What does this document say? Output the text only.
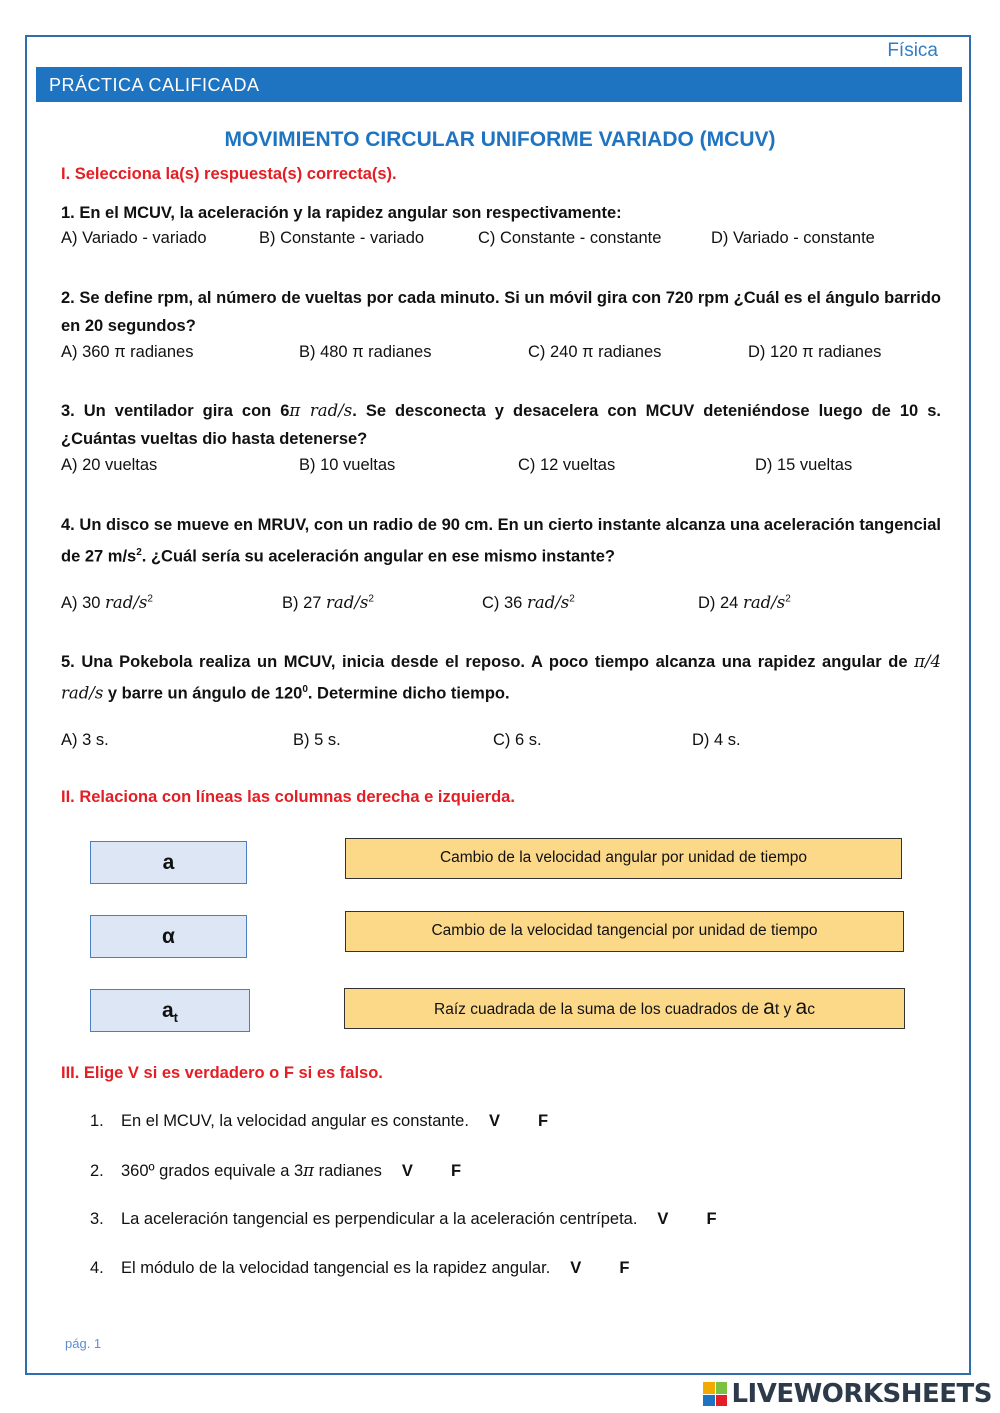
Física
PRÁCTICA CALIFICADA
MOVIMIENTO CIRCULAR UNIFORME VARIADO (MCUV)
I. Selecciona la(s) respuesta(s) correcta(s).
1. En el MCUV, la aceleración y la rapidez angular son respectivamente:
A) Variado - variado	B) Constante - variado	C) Constante - constante	D) Variado - constante
2. Se define rpm, al número de vueltas por cada minuto. Si un móvil gira con 720 rpm ¿Cuál es el ángulo barrido en 20 segundos?
A) 360 π radianes	B) 480 π radianes	C) 240 π radianes	D) 120 π radianes
3. Un ventilador gira con 6π rad/s. Se desconecta y desacelera con MCUV deteniéndose luego de 10 s. ¿Cuántas vueltas dio hasta detenerse?
A) 20 vueltas	B) 10 vueltas	C) 12 vueltas	D) 15 vueltas
4. Un disco se mueve en MRUV, con un radio de 90 cm. En un cierto instante alcanza una aceleración tangencial de 27 $m/s^2$. ¿Cuál sería su aceleración angular en ese mismo instante?
A) 30 rad/$s^2$	B) 27 rad/$s^2$	C) 36 rad/$s^2$	D) 24 rad/$s^2$
5. Una Pokebola realiza un MCUV, inicia desde el reposo. A poco tiempo alcanza una rapidez angular de π/4 rad/s y barre un ángulo de $120^0$. Determine dicho tiempo.
A) 3 s.	B) 5 s.	C) 6 s.	D) 4 s.
II. Relaciona con líneas las columnas derecha e izquierda.
a
α
$a_t$
Cambio de la velocidad angular por unidad de tiempo
Cambio de la velocidad tangencial por unidad de tiempo
Raíz cuadrada de la suma de los cuadrados de at y ac
III. Elige V si es verdadero o F si es falso.
1. En el MCUV, la velocidad angular es constante. V F
2. 360º grados equivale a 3π radianes V F
3. La aceleración tangencial es perpendicular a la aceleración centrípeta. V F
4. El módulo de la velocidad tangencial es la rapidez angular. V F
pág. 1
LIVEWORKSHEETS
